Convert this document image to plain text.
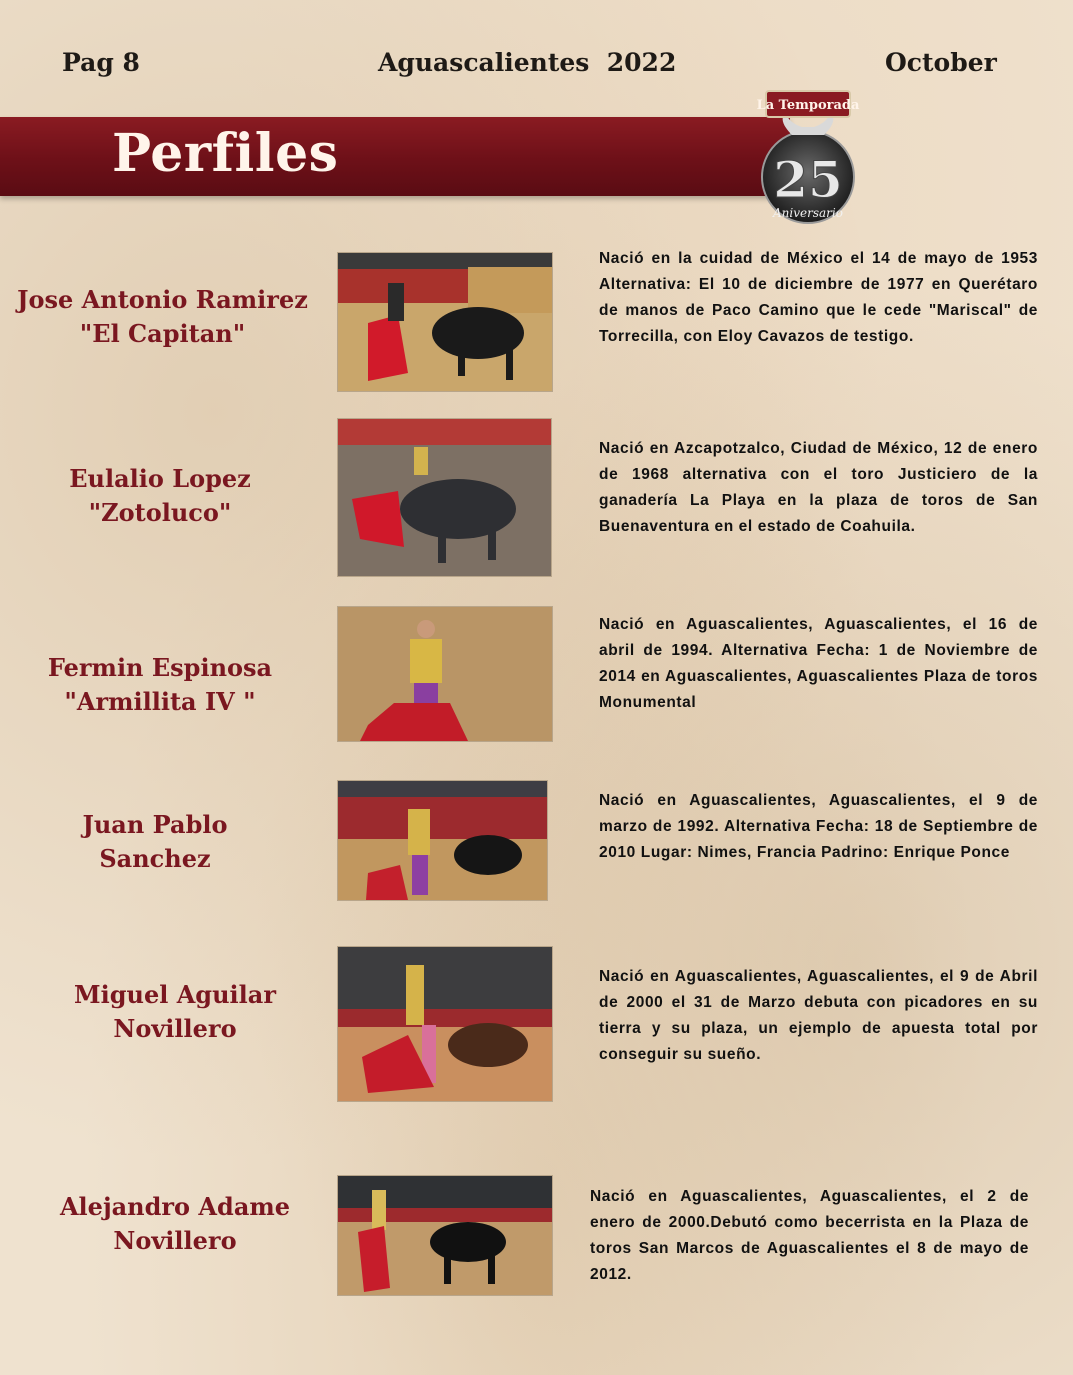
Pag 8	Aguascalientes  2022	October
Perfiles
La Temporada
25
Aniversario
Jose Antonio Ramirez
"El Capitan"
Nació en la cuidad de México el 14 de mayo de 1953 Alternativa: El 10 de diciembre de 1977 en Querétaro de manos de Paco Camino que le cede "Mariscal" de Torrecilla, con Eloy Cavazos de testigo.
Eulalio Lopez
"Zotoluco"
Nació en Azcapotzalco, Ciudad de México, 12 de enero de 1968 alternativa con el toro Justiciero de la ganadería La Playa en la plaza de toros de San Buenaventura en el estado de Coahuila.
Fermin Espinosa
"Armillita IV "
Nació en Aguascalientes, Aguascalientes, el 16 de abril de 1994. Alternativa Fecha: 1 de Noviembre de 2014 en Aguascalientes, Aguascalientes Plaza de toros Monumental
Juan Pablo
Sanchez
Nació en Aguascalientes, Aguascalientes, el 9 de marzo de 1992. Alternativa Fecha: 18 de Septiembre de 2010 Lugar: Nimes, Francia Padrino: Enrique Ponce
Miguel Aguilar
Novillero
Nació en Aguascalientes, Aguascalientes, el 9 de Abril de 2000 el 31 de Marzo debuta con picadores en su tierra y su plaza, un ejemplo de apuesta total por conseguir su sueño.
Alejandro Adame
Novillero
Nació en Aguascalientes, Aguascalientes, el 2 de enero de 2000.Debutó como becerrista en la Plaza de toros San Marcos de Aguascalientes el 8 de mayo de 2012.
